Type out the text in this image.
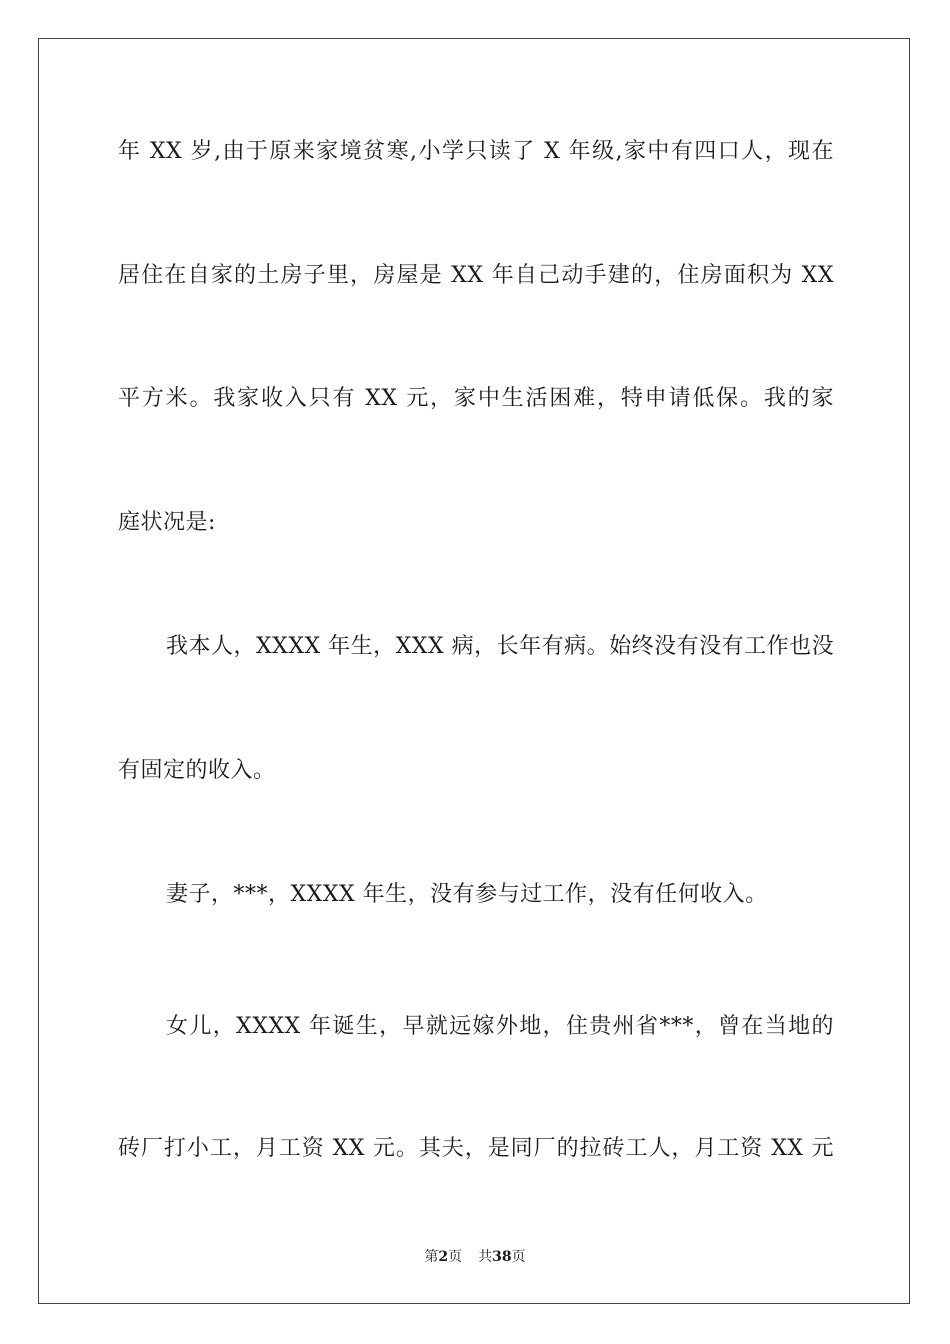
年 XX 岁,由于原来家境贫寒,小学只读了 X 年级,家中有四口人，现在
居住在自家的土房子里，房屋是 XX 年自己动手建的，住房面积为 XX
平方米。我家收入只有 XX 元，家中生活困难，特申请低保。我的家
庭状况是:
我本人，XXXX 年生，XXX 病，长年有病。始终没有没有工作也没
有固定的收入。
妻子，***，XXXX 年生，没有参与过工作，没有任何收入。
女儿，XXXX 年诞生，早就远嫁外地，住贵州省***，曾在当地的
砖厂打小工，月工资 XX 元。其夫，是同厂的拉砖工人，月工资 XX 元
第2页 共38页
